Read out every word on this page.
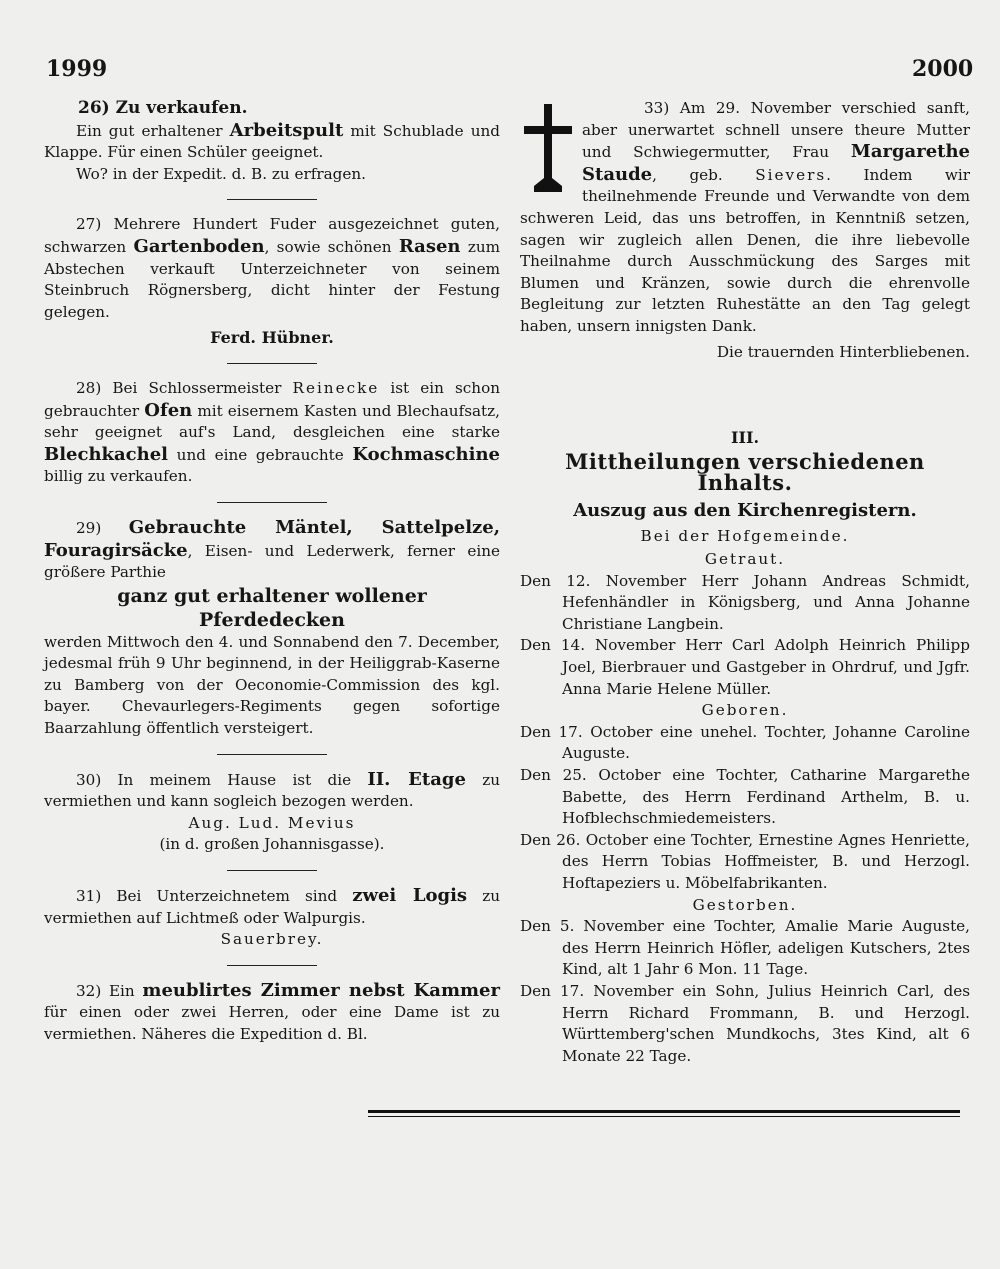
1999	2000

26) Zu verkaufen.

Ein gut erhaltener Arbeitspult mit Schublade und Klappe. Für einen Schüler geeignet.

Wo? in der Expedit. d. B. zu erfragen.

27) Mehrere Hundert Fuder ausgezeichnet guten, schwarzen Gartenboden, sowie schönen Rasen zum Abstechen verkauft Unterzeichneter von seinem Steinbruch Rögnersberg, dicht hinter der Festung gelegen.

Ferd. Hübner.

28) Bei Schlossermeister Reinecke ist ein schon gebrauchter Ofen mit eisernem Kasten und Blechaufsatz, sehr geeignet auf's Land, desgleichen eine starke Blechkachel und eine gebrauchte Kochmaschine billig zu verkaufen.

29) Gebrauchte Mäntel, Sattelpelze, Fouragirsäcke, Eisen- und Lederwerk, ferner eine größere Parthie

ganz gut erhaltener wollener Pferdedecken

werden Mittwoch den 4. und Sonnabend den 7. December, jedesmal früh 9 Uhr beginnend, in der Heiliggrab-Kaserne zu Bamberg von der Oeconomie-Commission des kgl. bayer. Chevaurlegers-Regiments gegen sofortige Baarzahlung öffentlich versteigert.

30) In meinem Hause ist die II. Etage zu vermiethen und kann sogleich bezogen werden.

Aug. Lud. Mevius

(in d. großen Johannisgasse).

31) Bei Unterzeichnetem sind zwei Logis zu vermiethen auf Lichtmeß oder Walpurgis.

Sauerbrey.

32) Ein meublirtes Zimmer nebst Kammer für einen oder zwei Herren, oder eine Dame ist zu vermiethen. Näheres die Expedition d. Bl.

33) Am 29. November verschied sanft, aber unerwartet schnell unsere theure Mutter und Schwiegermutter, Frau Margarethe Staude, geb. Sievers. Indem wir theilnehmende Freunde und Verwandte von dem schweren Leid, das uns betroffen, in Kenntniß setzen, sagen wir zugleich allen Denen, die ihre liebevolle Theilnahme durch Ausschmückung des Sarges mit Blumen und Kränzen, sowie durch die ehrenvolle Begleitung zur letzten Ruhestätte an den Tag gelegt haben, unsern innigsten Dank.

Die trauernden Hinterbliebenen.

III.

Mittheilungen verschiedenen Inhalts.

Auszug aus den Kirchenregistern.

Bei der Hofgemeinde.

Getraut.

Den 12. November Herr Johann Andreas Schmidt, Hefenhändler in Königsberg, und Anna Johanne Christiane Langbein.

Den 14. November Herr Carl Adolph Heinrich Philipp Joel, Bierbrauer und Gastgeber in Ohrdruf, und Jgfr. Anna Marie Helene Müller.

Geboren.

Den 17. October eine unehel. Tochter, Johanne Caroline Auguste.

Den 25. October eine Tochter, Catharine Margarethe Babette, des Herrn Ferdinand Arthelm, B. u. Hofblechschmiedemeisters.

Den 26. October eine Tochter, Ernestine Agnes Henriette, des Herrn Tobias Hoffmeister, B. und Herzogl. Hoftapeziers u. Möbelfabrikanten.

Gestorben.

Den 5. November eine Tochter, Amalie Marie Auguste, des Herrn Heinrich Höfler, adeligen Kutschers, 2tes Kind, alt 1 Jahr 6 Mon. 11 Tage.

Den 17. November ein Sohn, Julius Heinrich Carl, des Herrn Richard Frommann, B. und Herzogl. Württemberg'schen Mundkochs, 3tes Kind, alt 6 Monate 22 Tage.
